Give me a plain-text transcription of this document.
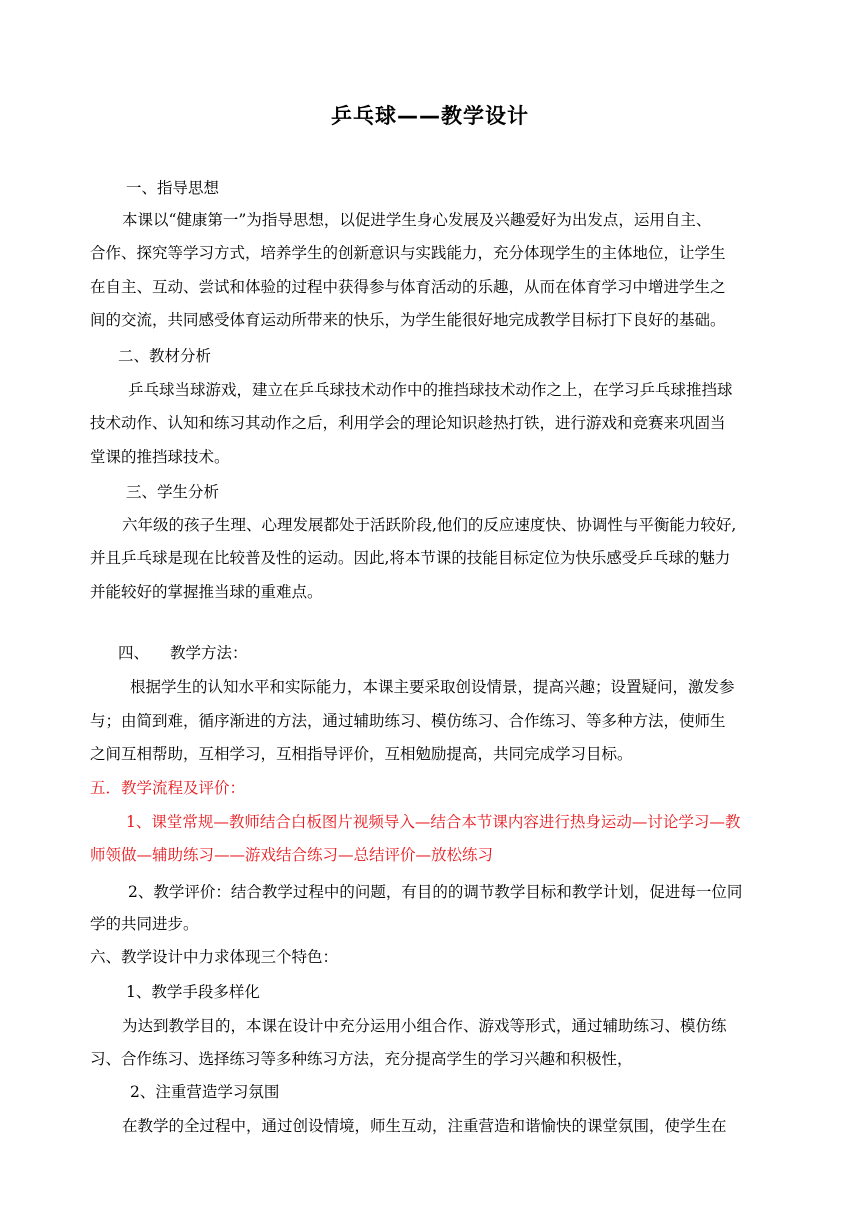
乒乓球——教学设计
一、指导思想
本课以“健康第一”为指导思想，以促进学生身心发展及兴趣爱好为出发点，运用自主、
合作、探究等学习方式，培养学生的创新意识与实践能力，充分体现学生的主体地位，让学生
在自主、互动、尝试和体验的过程中获得参与体育活动的乐趣，从而在体育学习中增进学生之
间的交流，共同感受体育运动所带来的快乐，为学生能很好地完成教学目标打下良好的基础。
二、教材分析
乒乓球当球游戏，建立在乒乓球技术动作中的推挡球技术动作之上，在学习乒乓球推挡球
技术动作、认知和练习其动作之后，利用学会的理论知识趁热打铁，进行游戏和竞赛来巩固当
堂课的推挡球技术。
三、学生分析
六年级的孩子生理、心理发展都处于活跃阶段,他们的反应速度快、协调性与平衡能力较好,
并且乒乓球是现在比较普及性的运动。因此,将本节课的技能目标定位为快乐感受乒乓球的魅力
并能较好的掌握推当球的重难点。
四、 教学方法：
根据学生的认知水平和实际能力，本课主要采取创设情景，提高兴趣；设置疑问，激发参
与；由简到难，循序渐进的方法，通过辅助练习、模仿练习、合作练习、等多种方法，使师生
之间互相帮助，互相学习，互相指导评价，互相勉励提高，共同完成学习目标。
五．教学流程及评价：
1、课堂常规—教师结合白板图片视频导入—结合本节课内容进行热身运动—讨论学习—教
师领做—辅助练习——游戏结合练习—总结评价—放松练习
2、教学评价：结合教学过程中的问题，有目的的调节教学目标和教学计划，促进每一位同
学的共同进步。
六、教学设计中力求体现三个特色：
1、教学手段多样化
为达到教学目的，本课在设计中充分运用小组合作、游戏等形式，通过辅助练习、模仿练
习、合作练习、选择练习等多种练习方法，充分提高学生的学习兴趣和积极性，
2、注重营造学习氛围
在教学的全过程中，通过创设情境，师生互动，注重营造和谐愉快的课堂氛围，使学生在
